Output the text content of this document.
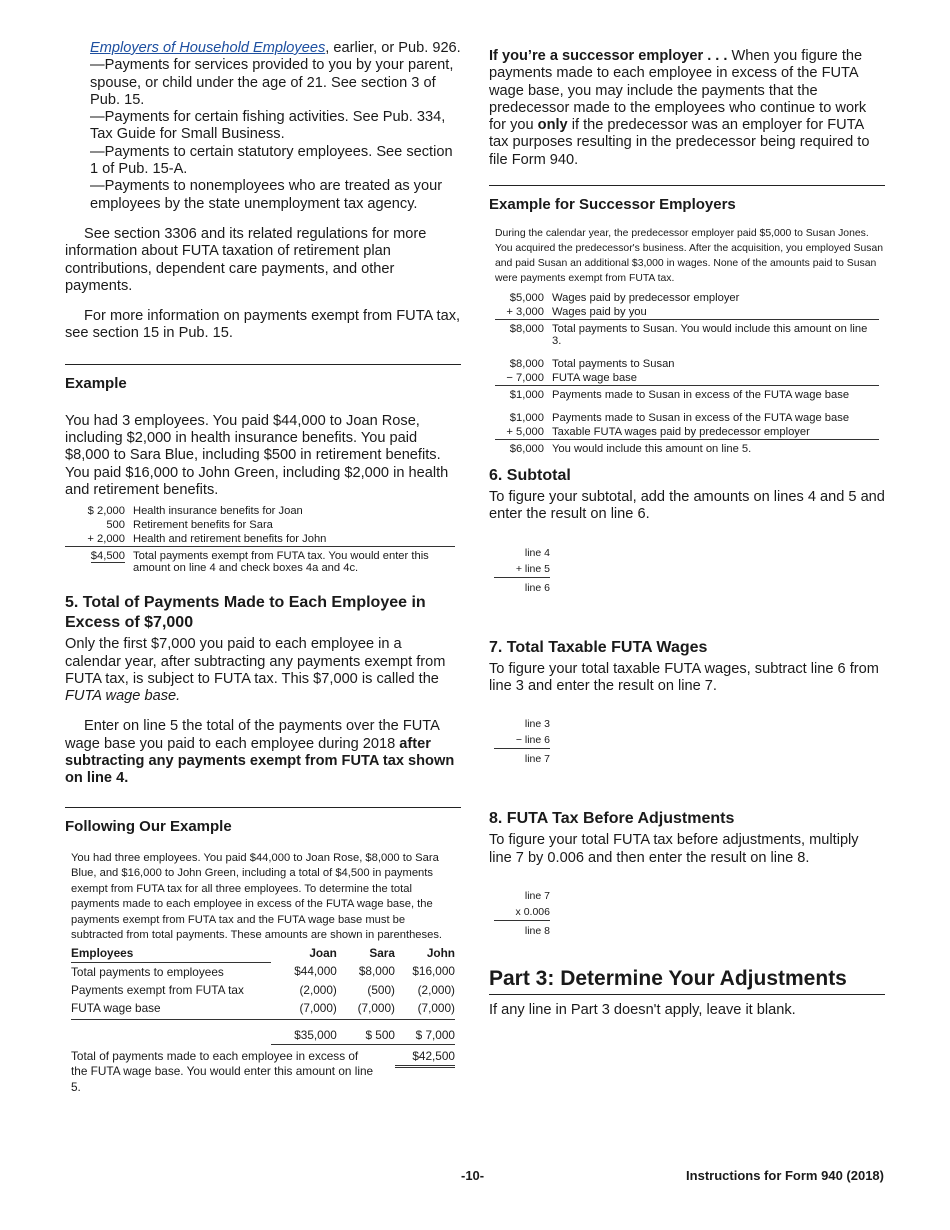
Employers of Household Employees, earlier, or Pub. 926.

—Payments for services provided to you by your parent, spouse, or child under the age of 21. See section 3 of Pub. 15.

—Payments for certain fishing activities. See Pub. 334, Tax Guide for Small Business.

—Payments to certain statutory employees. See section 1 of Pub. 15-A.

—Payments to nonemployees who are treated as your employees by the state unemployment tax agency.

See section 3306 and its related regulations for more information about FUTA taxation of retirement plan contributions, dependent care payments, and other payments.

For more information on payments exempt from FUTA tax, see section 15 in Pub. 15.

Example

You had 3 employees. You paid $44,000 to Joan Rose, including $2,000 in health insurance benefits. You paid $8,000 to Sara Blue, including $500 in retirement benefits. You paid $16,000 to John Green, including $2,000 in health and retirement benefits.

$ 2,000	Health insurance benefits for Joan
500	Retirement benefits for Sara
+ 2,000	Health and retirement benefits for John
$4,500	Total payments exempt from FUTA tax. You would enter this amount on line 4 and check boxes 4a and 4c.
5. Total of Payments Made to Each Employee in Excess of $7,000

Only the first $7,000 you paid to each employee in a calendar year, after subtracting any payments exempt from FUTA tax, is subject to FUTA tax. This $7,000 is called the FUTA wage base.

Enter on line 5 the total of the payments over the FUTA wage base you paid to each employee during 2018 after subtracting any payments exempt from FUTA tax shown on line 4.

Following Our Example

You had three employees. You paid $44,000 to Joan Rose, $8,000 to Sara Blue, and $16,000 to John Green, including a total of $4,500 in payments exempt from FUTA tax for all three employees. To determine the total payments made to each employee in excess of the FUTA wage base, the payments exempt from FUTA tax and the FUTA wage base must be subtracted from total payments. These amounts are shown in parentheses.

Employees	Joan	Sara	John
Total payments to employees	$44,000	$8,000	$16,000
Payments exempt from FUTA tax	(2,000)	(500)	(2,000)
FUTA wage base	(7,000)	(7,000)	(7,000)
	$35,000	$ 500	$ 7,000
Total of payments made to each employee in excess of the FUTA wage base. You would enter this amount on line 5.			$42,500

If you’re a successor employer . . . When you figure the payments made to each employee in excess of the FUTA wage base, you may include the payments that the predecessor made to the employees who continue to work for you only if the predecessor was an employer for FUTA tax purposes resulting in the predecessor being required to file Form 940.

Example for Successor Employers

During the calendar year, the predecessor employer paid $5,000 to Susan Jones. You acquired the predecessor's business. After the acquisition, you employed Susan and paid Susan an additional $3,000 in wages. None of the amounts paid to Susan were payments exempt from FUTA tax.

$5,000	Wages paid by predecessor employer
+ 3,000	Wages paid by you
$8,000	Total payments to Susan. You would include this amount on line 3.
$8,000	Total payments to Susan
− 7,000	FUTA wage base
$1,000	Payments made to Susan in excess of the FUTA wage base
$1,000	Payments made to Susan in excess of the FUTA wage base
+ 5,000	Taxable FUTA wages paid by predecessor employer
$6,000	You would include this amount on line 5.
6. Subtotal

To figure your subtotal, add the amounts on lines 4 and 5 and enter the result on line 6.

line 4
+ line 5
line 6
7. Total Taxable FUTA Wages

To figure your total taxable FUTA wages, subtract line 6 from line 3 and enter the result on line 7.

line 3
− line 6
line 7
8. FUTA Tax Before Adjustments

To figure your total FUTA tax before adjustments, multiply line 7 by 0.006 and then enter the result on line 8.

line 7
x 0.006
line 8
Part 3: Determine Your Adjustments

If any line in Part 3 doesn't apply, leave it blank.

-10-	Instructions for Form 940 (2018)
